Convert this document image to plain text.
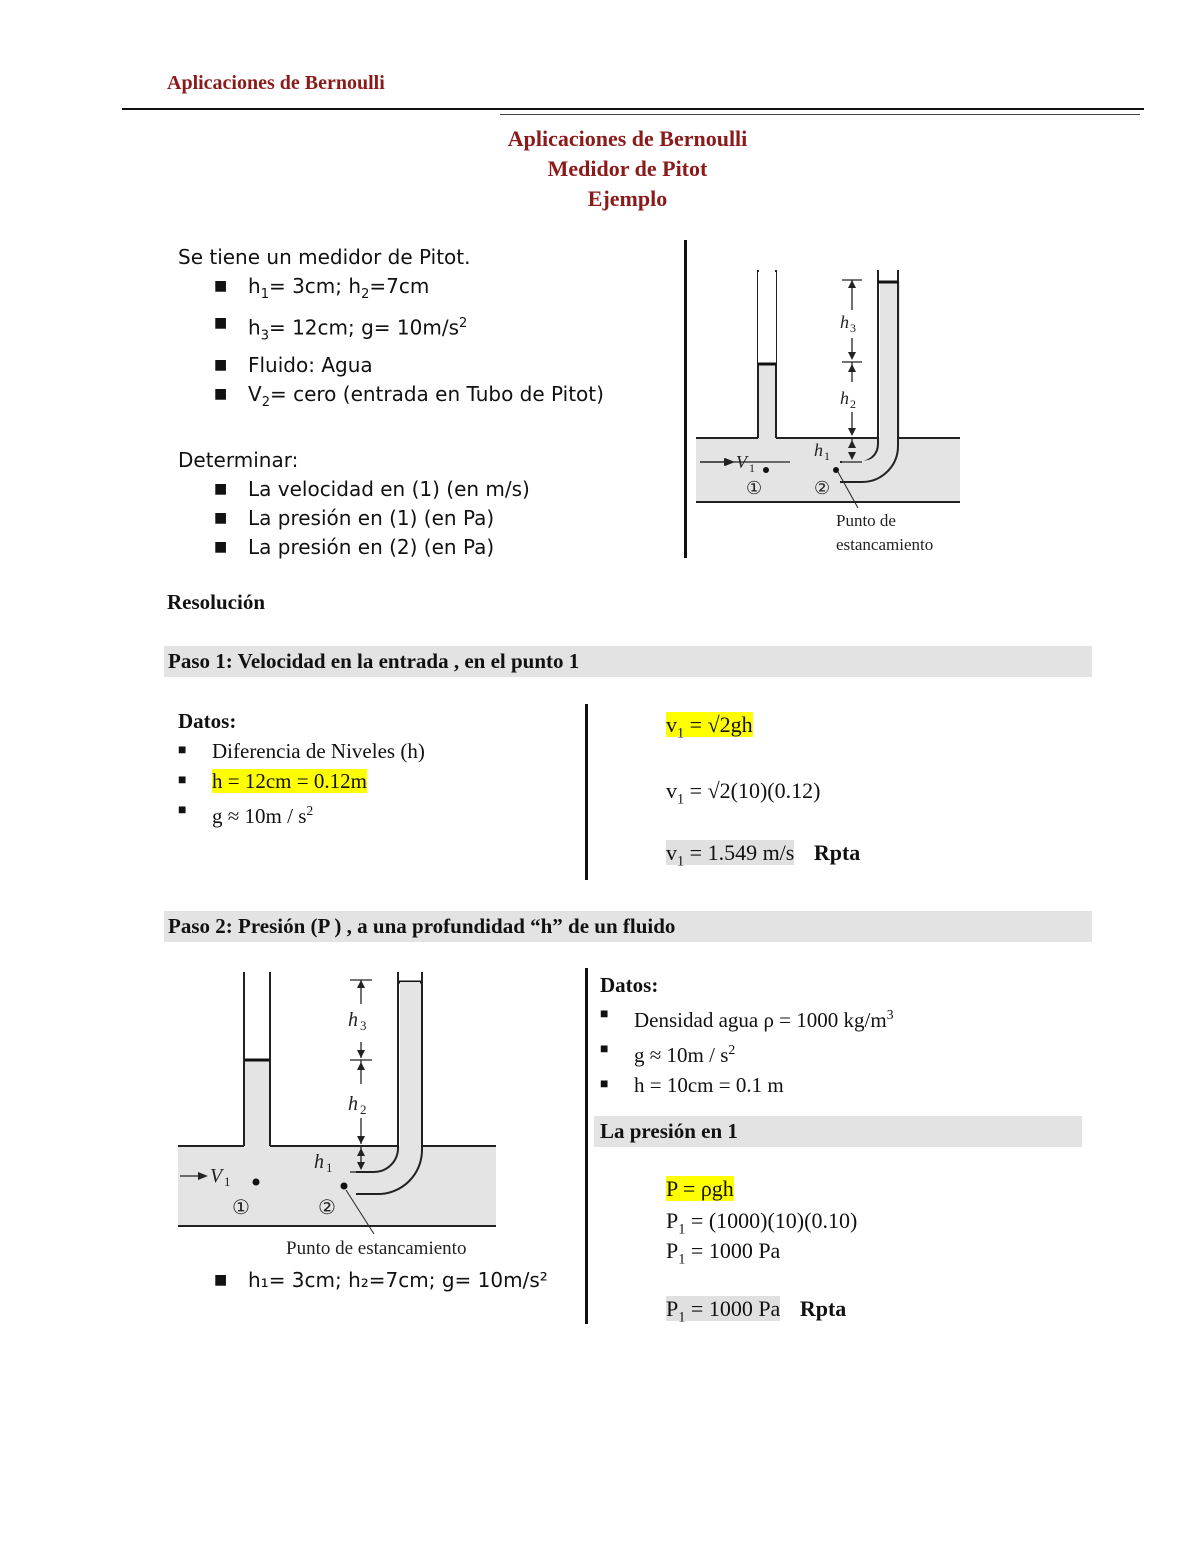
Aplicaciones de Bernoulli
Aplicaciones de Bernoulli
Medidor de Pitot
Ejemplo
Se tiene un medidor de Pitot.
■ $h_1= 3cm$; $h_2=7cm$
■ $h_3= 12cm$; $g= 10m/s^2$
■ Fluido: Agua
■ $V_2=$ cero (entrada en Tubo de Pitot)
Determinar:
■ La velocidad en (1) (en m/s)
■ La presión en (1) (en Pa)
■ La presión en (2) (en Pa)
V 1
①	②
h 3
h 2
h 1
Punto de
estancamiento
Resolución
Paso 1: Velocidad en la entrada , en el punto 1
Datos:
■ Diferencia de Niveles (h)
■ h = 12cm = 0.12m
■ $g \approx 10m / s^2$
$v_1 = √2gh$
$v_1 = √2(10)(0.12)$
$v_1 = 1.549$ m/s Rpta
Paso 2: Presión (P ) , a una profundidad “h” de un fluido
V 1
①	②
h 3
h 2
h 1
Punto de estancamiento
■ h₁= 3cm; h₂=7cm; g= 10m/s²
Datos:
■ Densidad agua ρ = 1000 $kg/m^3$
■ $g \approx 10m / s^2$
■ h = 10cm = 0.1 m
La presión en 1
P = ρgh
$P_1 = (1000)(10)(0.10)$
$P_1 = 1000$ Pa
$P_1 = 1000$ Pa Rpta
